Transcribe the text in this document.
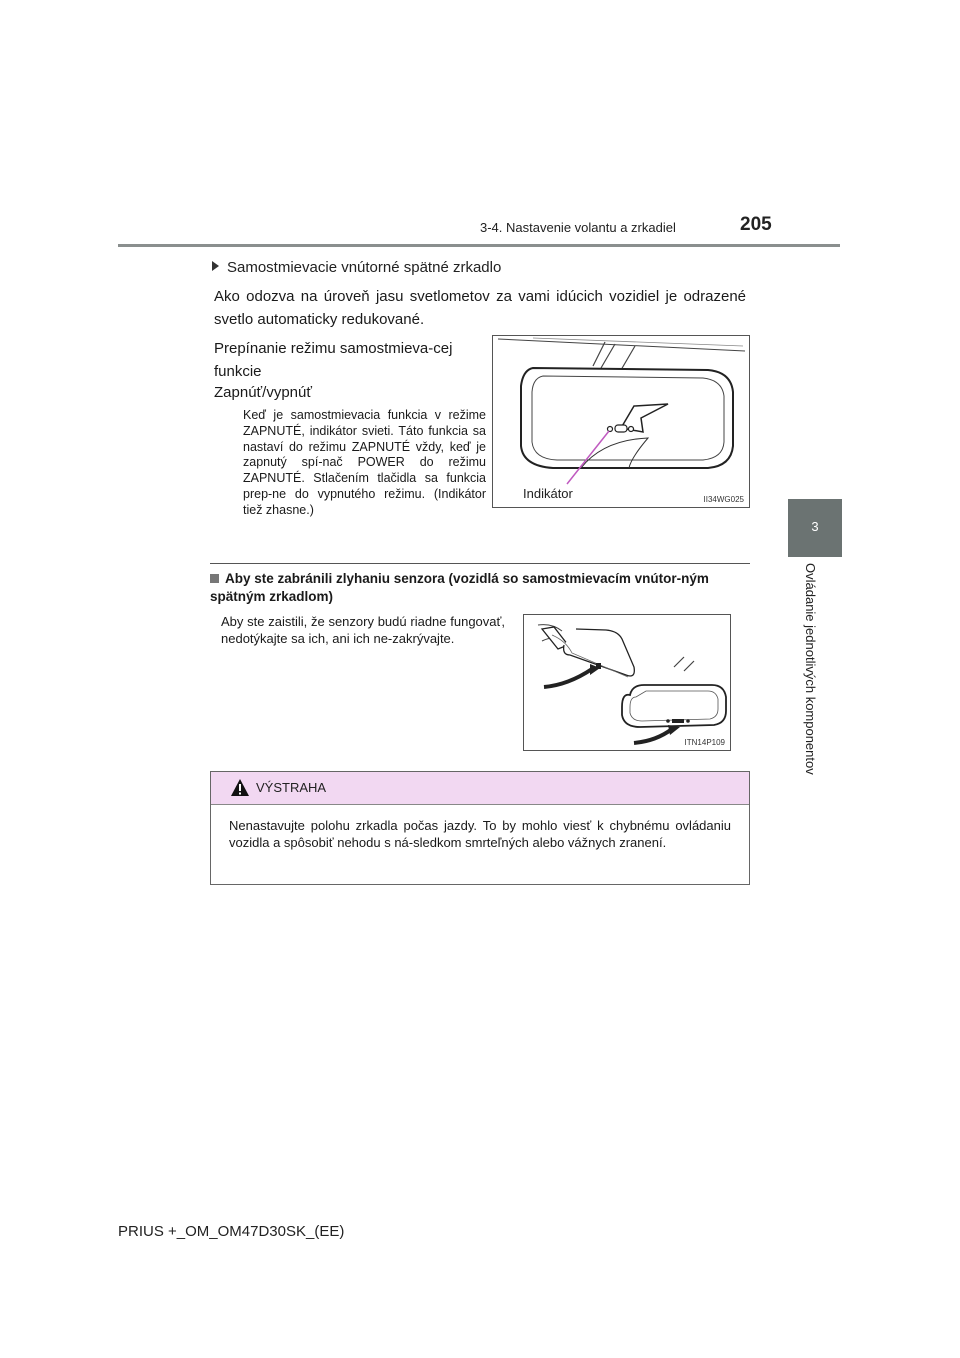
3-4. Nastavenie volantu a zrkadiel	205
3
Ovládanie jednotlivých komponentov
Samostmievacie vnútorné spätné zrkadlo
Ako odozva na úroveň jasu svetlometov za vami idúcich vozidiel je odrazené svetlo automaticky redukované.
Prepínanie režimu samostmieva-cej funkcie
Zapnúť/vypnúť
Keď je samostmievacia funkcia v režime ZAPNUTÉ, indikátor svieti. Táto funkcia sa nastaví do režimu ZAPNUTÉ vždy, keď je zapnutý spí-nač POWER do režimu ZAPNUTÉ. Stlačením tlačidla sa funkcia prep-ne do vypnutého režimu. (Indikátor tiež zhasne.)
Indikátor	II34WG025
Aby ste zabránili zlyhaniu senzora (vozidlá so samostmievacím vnútor-ným spätným zrkadlom)
Aby ste zaistili, že senzory budú riadne fungovať, nedotýkajte sa ich, ani ich ne-zakrývajte.
ITN14P109
VÝSTRAHA
Nenastavujte polohu zrkadla počas jazdy. To by mohlo viesť k chybnému ovládaniu vozidla a spôsobiť nehodu s ná-sledkom smrteľných alebo vážnych zranení.
PRIUS +_OM_OM47D30SK_(EE)
